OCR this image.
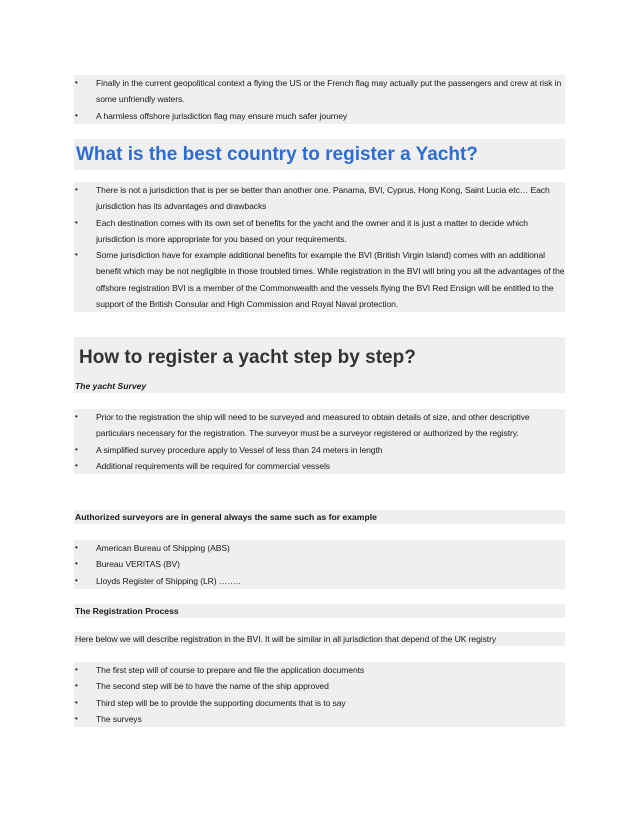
• Finally in the current geopolitical context a flying the US or the French flag may actually put the passengers and crew at risk in some unfriendly waters.
• A harmless offshore jurisdiction flag may ensure much safer journey
What is the best country to register a Yacht?
• There is not a jurisdiction that is per se better than another one. Panama, BVI, Cyprus, Hong Kong, Saint Lucia etc… Each jurisdiction has its advantages and drawbacks
• Each destination comes with its own set of benefits for the yacht and the owner and it is just a matter to decide which jurisdiction is more appropriate for you based on your requirements.
• Some jurisdiction have for example additional benefits for example the BVI (British Virgin Island) comes with an additional benefit which may be not negligible in those troubled times. While registration in the BVI will bring you all the advantages of the offshore registration BVI is a member of the Commonwealth and the vessels flying the BVI Red Ensign will be entitled to the support of the British Consular and High Commission and Royal Naval protection.
How to register a yacht step by step?
The yacht Survey
• Prior to the registration the ship will need to be surveyed and measured to obtain details of size, and other descriptive particulars necessary for the registration. The surveyor must be a surveyor registered or authorized by the registry.
• A simplified survey procedure apply to Vessel of less than 24 meters in length
• Additional requirements will be required for commercial vessels
Authorized surveyors are in general always the same such as for example
• American Bureau of Shipping (ABS)
• Bureau VERITAS (BV)
• Lloyds Register of Shipping (LR) ……..
The Registration Process
Here below we will describe registration in the BVI. It will be similar in all jurisdiction that depend of the UK registry
• The first step will of course to prepare and file the application documents
• The second step will be to have the name of the ship approved
• Third step will be to provide the supporting documents that is to say
• The surveys
